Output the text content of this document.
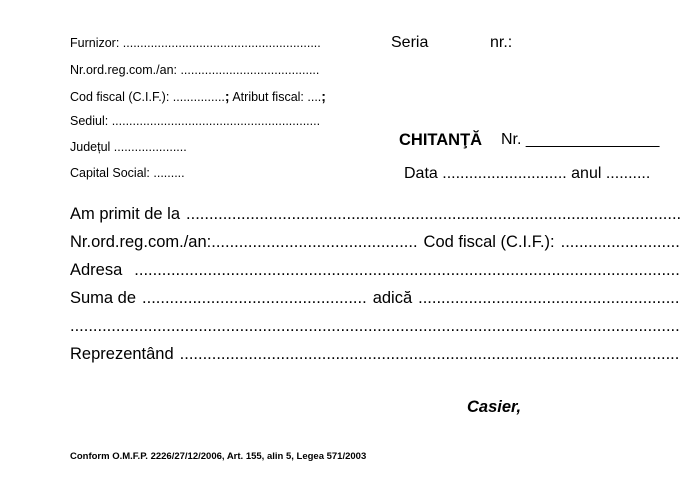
Furnizor: .........................................................
Nr.ord.reg.com./an: ........................................
Cod fiscal (C.I.F.): ...............; Atribut fiscal: ....;
Sediul: ............................................................
Județul .....................
Capital Social: .........
Seria	nr.:
CHITANŢĂ Nr. _______________
Data ............................ anul ..........
Am primit de la
.....
Nr.ord.reg.com./an: ............................................. Cod fiscal (C.I.F.):
.....
Adresa
.....
Suma de ................................................. adică
.....
.....
Reprezentând
.....
Casier,
Conform O.M.F.P. 2226/27/12/2006, Art. 155, alin 5, Legea 571/2003
